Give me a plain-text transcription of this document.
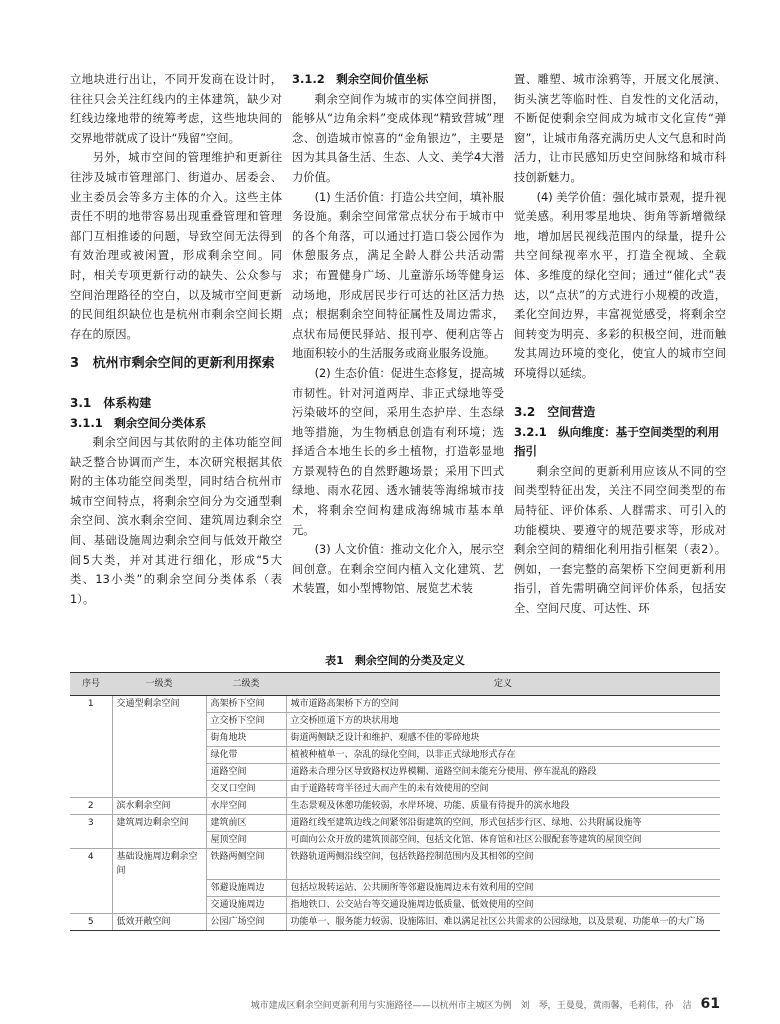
立地块进行出让，不同开发商在设计时，往往只会关注红线内的主体建筑，缺少对红线边缘地带的统筹考虑，这些地块间的交界地带就成了设计“残留”空间。

另外，城市空间的管理维护和更新往往涉及城市管理部门、街道办、居委会、业主委员会等多方主体的介入。这些主体责任不明的地带容易出现重叠管理和管理部门互相推诿的问题，导致空间无法得到有效治理或被闲置，形成剩余空间。同时，相关专项更新行动的缺失、公众参与空间治理路径的空白，以及城市空间更新的民间组织缺位也是杭州市剩余空间长期存在的原因。

3 杭州市剩余空间的更新利用探索
3.1　体系构建
3.1.1　剩余空间分类体系

剩余空间因与其依附的主体功能空间缺乏整合协调而产生，本次研究根据其依附的主体功能空间类型，同时结合杭州市城市空间特点，将剩余空间分为交通型剩余空间、滨水剩余空间、建筑周边剩余空间、基础设施周边剩余空间与低效开敞空间5大类，并对其进行细化，形成“5大类、13小类”的剩余空间分类体系（表1）。

3.1.2　剩余空间价值坐标

剩余空间作为城市的实体空间拼图，能够从“边角余料”变成体现“精致营城”理念、创造城市惊喜的“金角银边”，主要是因为其具备生活、生态、人文、美学4大潜力价值。

(1) 生活价值：打造公共空间，填补服务设施。剩余空间常常点状分布于城市中的各个角落，可以通过打造口袋公园作为休憩服务点，满足全龄人群公共活动需求；布置健身广场、儿童游乐场等健身运动场地，形成居民步行可达的社区活力热点；根据剩余空间特征属性及周边需求，点状布局便民驿站、报刊亭、便利店等占地面积较小的生活服务或商业服务设施。

(2) 生态价值：促进生态修复，提高城市韧性。针对河道两岸、非正式绿地等受污染破坏的空间，采用生态护岸、生态绿地等措施，为生物栖息创造有利环境；选择适合本地生长的乡土植物，打造彰显地方景观特色的自然野趣场景；采用下凹式绿地、雨水花园、透水铺装等海绵城市技术，将剩余空间构建成海绵城市基本单元。

(3) 人文价值：推动文化介入，展示空间创意。在剩余空间内植入文化建筑、艺术装置，如小型博物馆、展览艺术装

置、雕塑、城市涂鸦等，开展文化展演、街头演艺等临时性、自发性的文化活动，不断促使剩余空间成为城市文化宣传“弹窗”，让城市角落充满历史人文气息和时尚活力，让市民感知历史空间脉络和城市科技创新魅力。

(4) 美学价值：强化城市景观，提升视觉美感。利用零星地块、街角等新增微绿地，增加居民视线范围内的绿量，提升公共空间绿视率水平，打造全视域、全载体、多维度的绿化空间；通过“催化式”表达，以“点状”的方式进行小规模的改造，柔化空间边界，丰富视觉感受，将剩余空间转变为明亮、多彩的积极空间，进而触发其周边环境的变化，使宜人的城市空间环境得以延续。

3.2　空间营造
3.2.1　纵向维度：基于空间类型的利用指引

剩余空间的更新利用应该从不同的空间类型特征出发，关注不同空间类型的布局特征、评价体系、人群需求、可引入的功能模块、要遵守的规范要求等，形成对剩余空间的精细化利用指引框架（表2）。例如，一套完整的高架桥下空间更新利用指引，首先需明确空间评价体系，包括安全、空间尺度、可达性、环

表1　剩余空间的分类及定义
序号	一级类	二级类	定义
1	交通型剩余空间	高架桥下空间	城市道路高架桥下方的空间
		立交桥下空间	立交桥匝道下方的块状用地
		街角地块	街道两侧缺乏设计和维护、观感不佳的零碎地块
		绿化带	植被种植单一、杂乱的绿化空间，以非正式绿地形式存在
		道路空间	道路未合理分区导致路权边界模糊、道路空间未能充分使用、停车混乱的路段
		交叉口空间	由于道路转弯半径过大而产生的未有效使用的空间
2	滨水剩余空间	水岸空间	生态景观及休憩功能较弱，水岸环境、功能、质量有待提升的滨水地段
3	建筑周边剩余空间	建筑前区	道路红线至建筑边线之间紧邻沿街建筑的空间，形式包括步行区、绿地、公共附属设施等
		屋顶空间	可面向公众开放的建筑顶部空间，包括文化馆、体育馆和社区公服配套等建筑的屋顶空间
4	基础设施周边剩余空间	铁路两侧空间	铁路轨道两侧沿线空间，包括铁路控制范围内及其相邻的空间
		邻避设施周边	包括垃圾转运站、公共厕所等邻避设施周边未有效利用的空间
		交通设施周边	指地铁口、公交站台等交通设施周边低质量、低效使用的空间
5	低效开敞空间	公园广场空间	功能单一、服务能力较弱、设施陈旧、难以满足社区公共需求的公园绿地，以及景观、功能单一的大广场
城市建成区剩余空间更新利用与实施路径——以杭州市主城区为例　刘　琴，王曼曼，黄雨馨，毛莉伟，孙　洁 61
